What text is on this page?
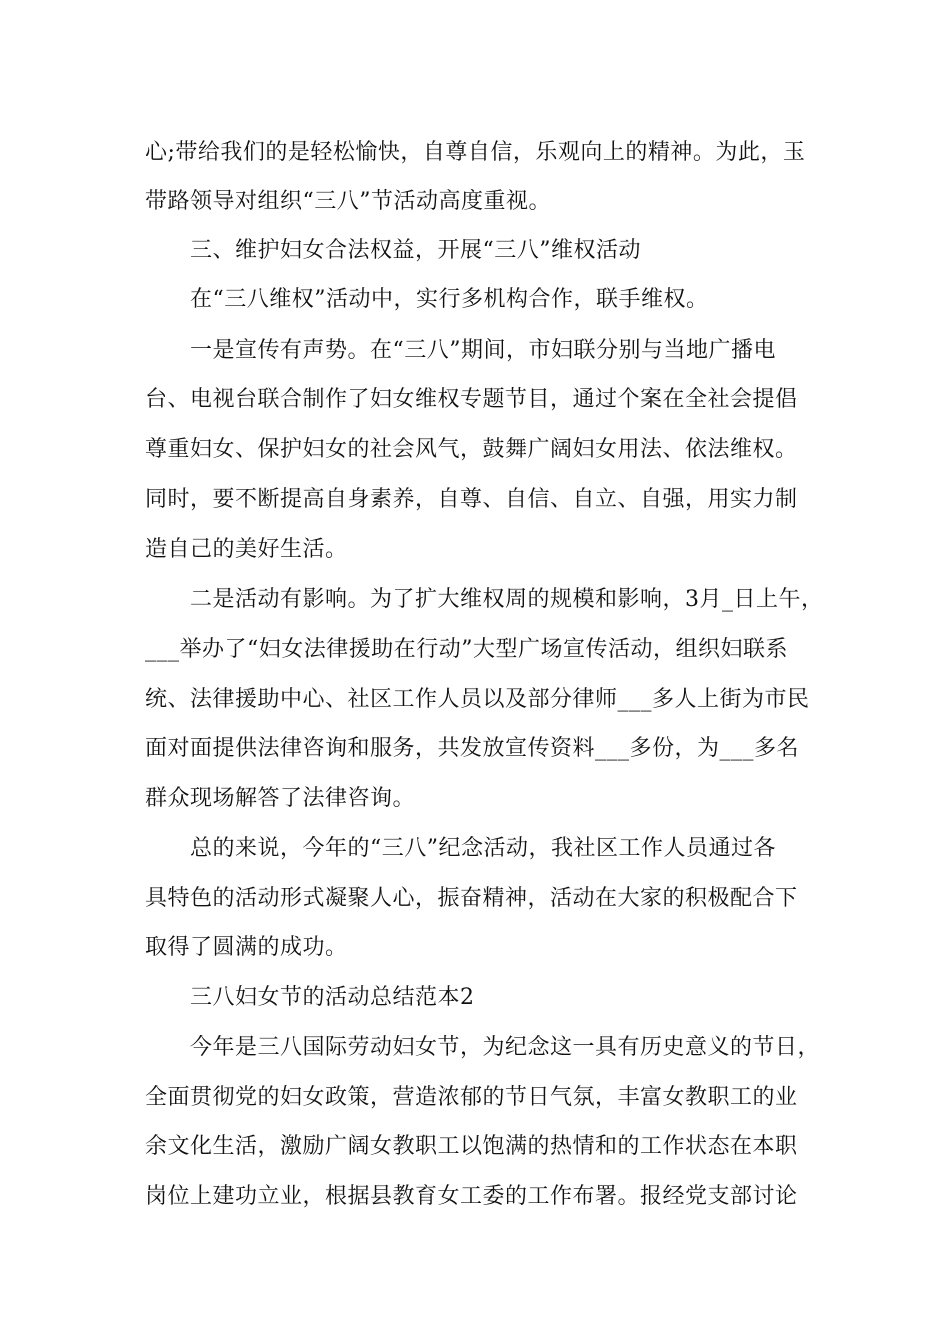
心;带给我们的是轻松愉快，自尊自信，乐观向上的精神。为此，玉
带路领导对组织“三八”节活动高度重视。
三、维护妇女合法权益，开展“三八”维权活动
在“三八维权”活动中，实行多机构合作，联手维权。
一是宣传有声势。在“三八”期间，市妇联分别与当地广播电
台、电视台联合制作了妇女维权专题节目，通过个案在全社会提倡
尊重妇女、保护妇女的社会风气，鼓舞广阔妇女用法、依法维权。
同时，要不断提高自身素养，自尊、自信、自立、自强，用实力制
造自己的美好生活。
二是活动有影响。为了扩大维权周的规模和影响，3月_日上午，
___举办了“妇女法律援助在行动”大型广场宣传活动，组织妇联系
统、法律援助中心、社区工作人员以及部分律师___多人上街为市民
面对面提供法律咨询和服务，共发放宣传资料___多份，为___多名
群众现场解答了法律咨询。
总的来说，今年的“三八”纪念活动，我社区工作人员通过各
具特色的活动形式凝聚人心，振奋精神，活动在大家的积极配合下
取得了圆满的成功。
三八妇女节的活动总结范本2
今年是三八国际劳动妇女节，为纪念这一具有历史意义的节日，
全面贯彻党的妇女政策，营造浓郁的节日气氛，丰富女教职工的业
余文化生活，激励广阔女教职工以饱满的热情和的工作状态在本职
岗位上建功立业，根据县教育女工委的工作布署。报经党支部讨论
